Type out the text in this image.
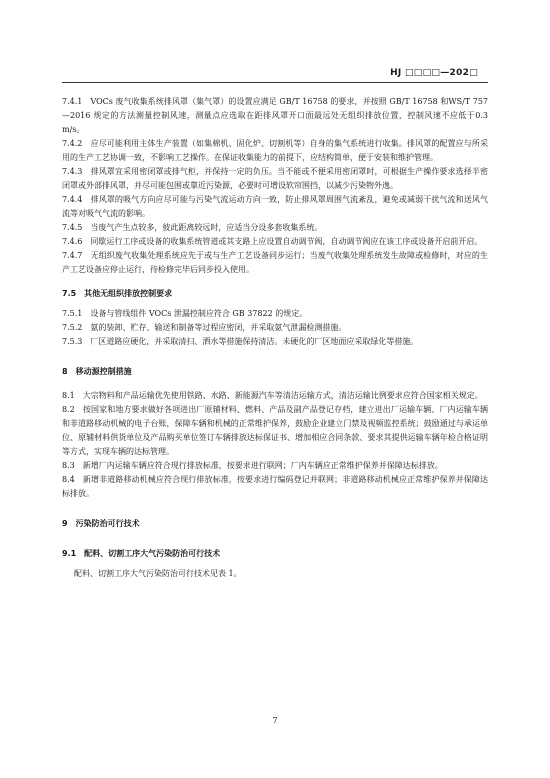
HJ □□□□—202□

7.4.1　VOCs 废气收集系统排风罩（集气罩）的设置应满足 GB/T 16758 的要求，并按照 GB/T 16758 和WS/T 757—2016 规定的方法测量控制风速，测量点应选取在距排风罩开口面最远处无组织排放位置，控制风速不应低于0.3 m/s。

7.4.2　应尽可能利用主体生产装置（如集棉机、固化炉、切割机等）自身的集气系统进行收集。排风罩的配置应与所采用的生产工艺协调一致，不影响工艺操作。在保证收集能力的前提下，应结构简单，便于安装和维护管理。

7.4.3　排风罩宜采用密闭罩或排气柜，并保持一定的负压。当不能或不便采用密闭罩时，可根据生产操作要求选择半密闭罩或外部排风罩，并尽可能包围或靠近污染源，必要时可增设软帘围挡，以减少污染物外逸。

7.4.4　排风罩的吸气方向应尽可能与污染气流运动方向一致，防止排风罩周围气流紊乱，避免或减弱干扰气流和送风气流等对吸气气流的影响。

7.4.5　当废气产生点较多，彼此距离较远时，应适当分设多套收集系统。

7.4.6　同歇运行工序或设备的收集系统管道或其支路上应设置自动调节阀，自动调节阀应在该工序或设备开启前开启。

7.4.7　无组织废气收集处理系统应先于或与生产工艺设备同步运行；当废气收集处理系统发生故障或检修时，对应的生产工艺设备应停止运行，待检修完毕后同步投入使用。

7.5　其他无组织排放控制要求

7.5.1　设备与管线组件 VOCs 泄漏控制应符合 GB 37822 的规定。

7.5.2　氨的装卸、贮存、输送和制备等过程应密闭，并采取氨气泄漏检测措施。

7.5.3　厂区道路应硬化，并采取清扫、洒水等措施保持清洁。未硬化的厂区地面应采取绿化等措施。

8　移动源控制措施

8.1　大宗物料和产品运输优先使用铁路、水路、新能源汽车等清洁运输方式，清洁运输比例要求应符合国家相关规定。

8.2　按国家和地方要求做好各项进出厂原辅材料、燃料、产品及副产品登记存档，建立进出厂运输车辆、厂内运输车辆和非道路移动机械的电子台账，保障车辆和机械的正常维护保养，鼓励企业建立门禁及视频监控系统；鼓励通过与承运单位、原辅材料供货单位及产品购买单位签订车辆排放达标保证书、增加相应合同条款、要求其提供运输车辆年检合格证明等方式，实现车辆的达标管理。

8.3　新增厂内运输车辆应符合现行排放标准，按要求进行联网；厂内车辆应正常维护保养并保障达标排放。

8.4　新增非道路移动机械应符合现行排放标准，按要求进行编码登记并联网；非道路移动机械应正常维护保养并保障达标排放。

9　污染防治可行技术

9.1　配料、切割工序大气污染防治可行技术

配料、切割工序大气污染防治可行技术见表 1。

7
